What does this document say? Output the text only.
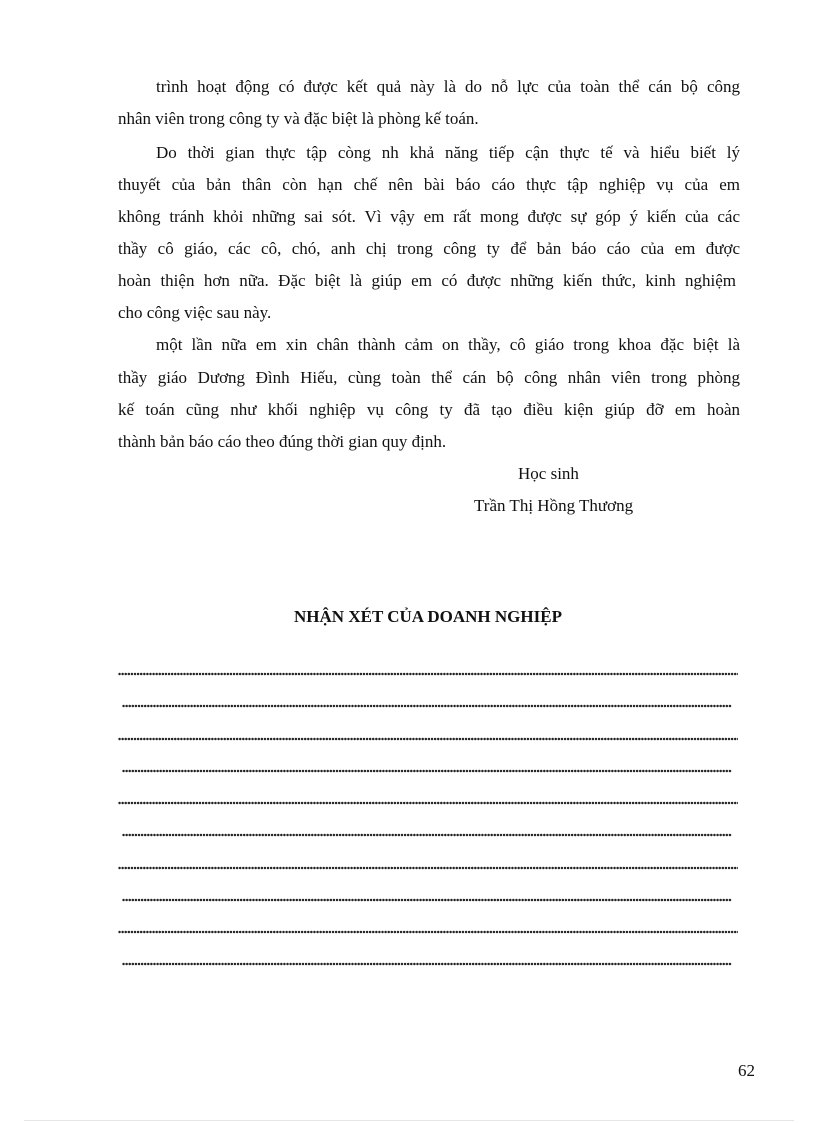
trình hoạt động có được kết quả này là do nỗ lực của toàn thể cán bộ công
nhân viên trong công ty và đặc biệt là phòng kế toán.
Do thời gian thực tập còng nh khả năng tiếp cận thực tế và hiểu biết lý
thuyết của bản thân còn hạn chế nên bài báo cáo thực tập nghiệp vụ của em
không tránh khỏi những sai sót. Vì vậy em rất mong được sự góp ý kiến của các
thầy cô giáo, các cô, chó, anh chị trong công ty để bản báo cáo của em được
hoàn thiện hơn nữa. Đặc biệt là giúp em có được những kiến thức, kinh nghiệm
cho công việc sau này.
một lần nữa em xin chân thành cảm on thầy, cô giáo trong khoa đặc biệt là
thầy giáo Dương Đình Hiếu, cùng toàn thể cán bộ công nhân viên trong phòng
kế toán cũng như khối nghiệp vụ công ty đã tạo điều kiện giúp đỡ em hoàn
thành bản báo cáo theo đúng thời gian quy định.
Học sinh
Trần Thị Hồng Thương
NHẬN XÉT CỦA DOANH NGHIỆP
62
